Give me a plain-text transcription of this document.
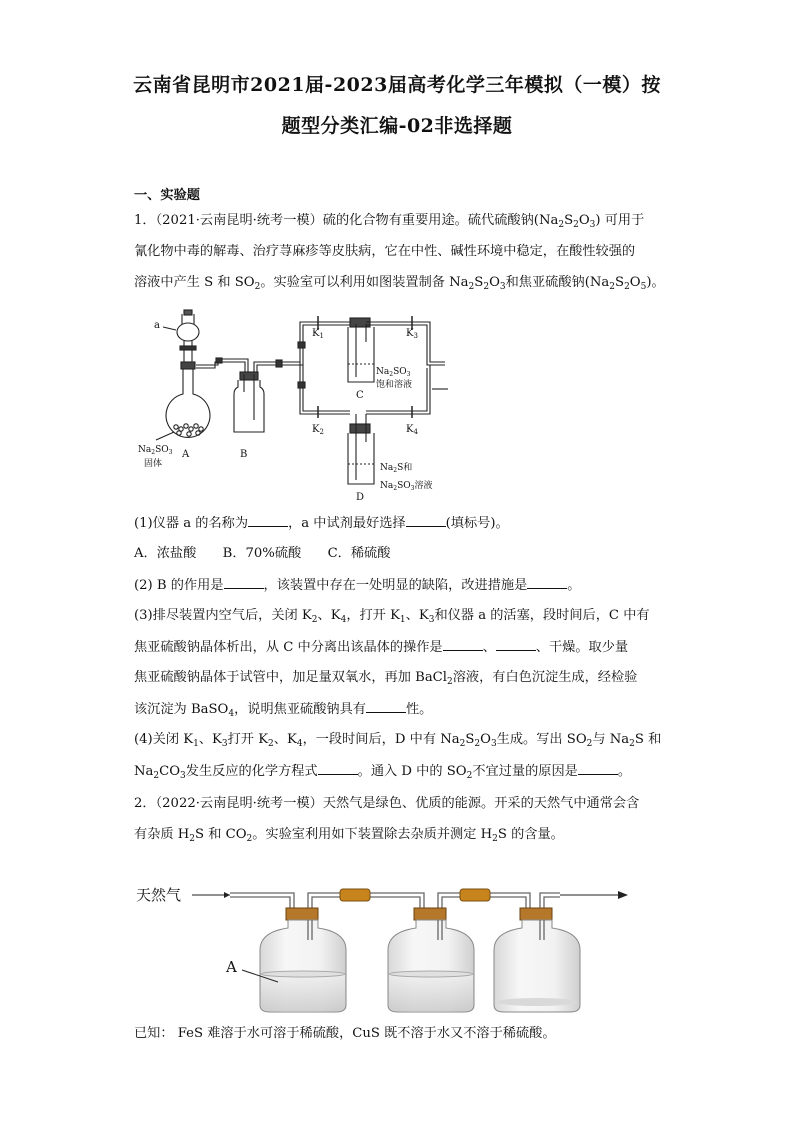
云南省昆明市2021届-2023届高考化学三年模拟（一模）按
题型分类汇编-02非选择题
一、实验题
1．（2021·云南昆明·统考一模）硫的化合物有重要用途。硫代硫酸钠$(Na_2S_2O_3)$ 可用于
氰化物中毒的解毒、治疗荨麻疹等皮肤病，它在中性、碱性环境中稳定，在酸性较强的
溶液中产生 S 和 $SO_2$。实验室可以利用如图装置制备 $Na_2S_2O_3$和焦亚硫酸钠$(Na_2S_2O_5)$。
a
A	B
C
D
$K_1$
$K_2$
$K_3$
$K_4$
$Na_2SO_3$
固体
$Na_2SO_3$
饱和溶液
$Na_2S$和
$Na_2SO_3$溶液
(1)仪器 a 的名称为	，a 中试剂最好选择	(填标号)。
A．浓盐酸　　B．70%硫酸　　C．稀硫酸
(2) B 的作用是	，该装置中存在一处明显的缺陷，改进措施是	。
(3)排尽装置内空气后，关闭 $K_2$、$K_4$，打开 $K_1$、$K_3$和仪器 a 的活塞，段时间后，C 中有
焦亚硫酸钠晶体析出，从 C 中分离出该晶体的操作是	、	、干燥。取少量
焦亚硫酸钠晶体于试管中，加足量双氧水，再加 BaCl$_2$溶液，有白色沉淀生成，经检验
该沉淀为 BaSO$_4$，说明焦亚硫酸钠具有	性。
(4)关闭 $K_1$、$K_3$打开 $K_2$、$K_4$，一段时间后，D 中有 $Na_2S_2O_3$生成。写出 $SO_2$与 $Na_2S$ 和
$Na_2CO_3$发生反应的化学方程式	。通入 D 中的 $SO_2$不宜过量的原因是	。
2．（2022·云南昆明·统考一模）天然气是绿色、优质的能源。开采的天然气中通常会含
有杂质 $H_2S$ 和 $CO_2$。实验室利用如下装置除去杂质并测定 $H_2S$ 的含量。
天然气
A
已知： FeS 难溶于水可溶于稀硫酸，CuS 既不溶于水又不溶于稀硫酸。
